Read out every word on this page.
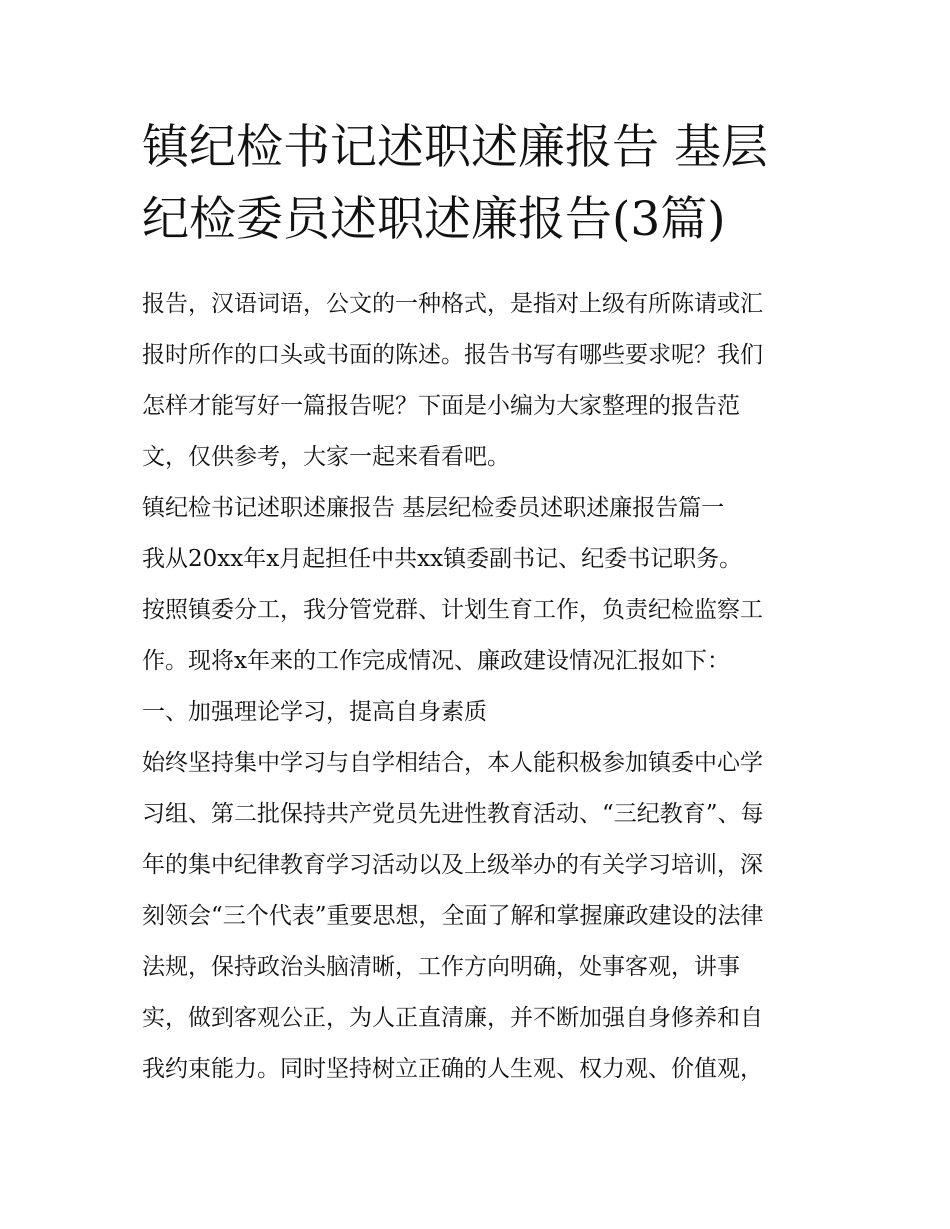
镇纪检书记述职述廉报告 基层
纪检委员述职述廉报告(3篇)
报告，汉语词语，公文的一种格式，是指对上级有所陈请或汇
报时所作的口头或书面的陈述。报告书写有哪些要求呢？我们
怎样才能写好一篇报告呢？下面是小编为大家整理的报告范
文，仅供参考，大家一起来看看吧。
镇纪检书记述职述廉报告 基层纪检委员述职述廉报告篇一
我从20xx年x月起担任中共xx镇委副书记、纪委书记职务。
按照镇委分工，我分管党群、计划生育工作，负责纪检监察工
作。现将x年来的工作完成情况、廉政建设情况汇报如下：
一、加强理论学习，提高自身素质
始终坚持集中学习与自学相结合，本人能积极参加镇委中心学
习组、第二批保持共产党员先进性教育活动、“三纪教育”、每
年的集中纪律教育学习活动以及上级举办的有关学习培训，深
刻领会“三个代表”重要思想，全面了解和掌握廉政建设的法律
法规，保持政治头脑清晰，工作方向明确，处事客观，讲事
实，做到客观公正，为人正直清廉，并不断加强自身修养和自
我约束能力。同时坚持树立正确的人生观、权力观、价值观，
